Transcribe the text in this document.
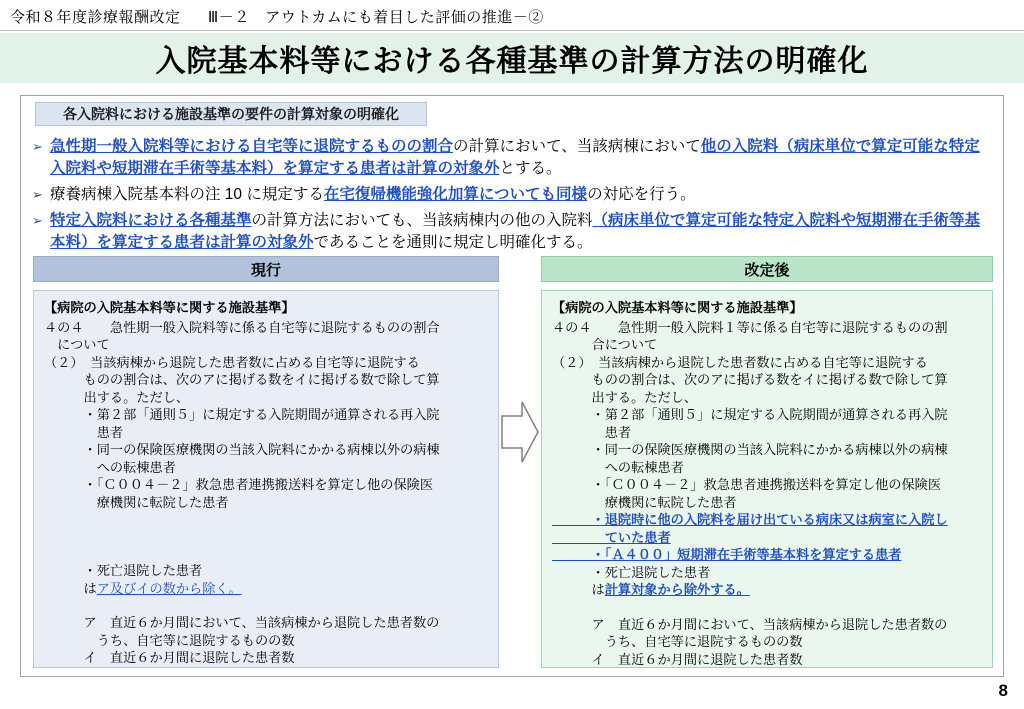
令和８年度診療報酬改定 Ⅲ－２　アウトカムにも着目した評価の推進－②
入院基本料等における各種基準の計算方法の明確化
各入院料における施設基準の要件の計算対象の明確化
➢ 急性期一般入院料等における自宅等に退院するものの割合の計算において、当該病棟において他の入院料（病床単位で算定可能な特定入院料や短期滞在手術等基本料）を算定する患者は計算の対象外とする。
➢ 療養病棟入院基本料の注 10 に規定する在宅復帰機能強化加算についても同様の対応を行う。
➢ 特定入院料における各種基準の計算方法においても、当該病棟内の他の入院料（病床単位で算定可能な特定入院料や短期滞在手術等基本料）を算定する患者は計算の対象外であることを通則に規定し明確化する。
現行	改定後
【病院の入院基本料等に関する施設基準】

４の４　　急性期一般入院料等に係る自宅等に退院するものの割合

　について

（２）　当該病棟から退院した患者数に占める自宅等に退院する

　　　ものの割合は、次のアに掲げる数をイに掲げる数で除して算

　　　出する。ただし、

　　　・第２部「通則５」に規定する入院期間が通算される再入院

　　　　患者

　　　・同一の保険医療機関の当該入院料にかかる病棟以外の病棟

　　　　への転棟患者

　　　・「Ｃ００４－２」救急患者連携搬送料を算定し他の保険医

　　　　療機関に転院した患者

　　　・死亡退院した患者

　　　はア及びイの数から除く。

　　　ア　直近６か月間において、当該病棟から退院した患者数の

　　　　うち、自宅等に退院するものの数

　　　イ　直近６か月間に退院した患者数

【病院の入院基本料等に関する施設基準】

４の４　　急性期一般入院料１等に係る自宅等に退院するものの割

　　　合について

（２）　当該病棟から退院した患者数に占める自宅等に退院する

　　　ものの割合は、次のアに掲げる数をイに掲げる数で除して算

　　　出する。ただし、

　　　・第２部「通則５」に規定する入院期間が通算される再入院

　　　　患者

　　　・同一の保険医療機関の当該入院料にかかる病棟以外の病棟

　　　　への転棟患者

　　　・「Ｃ００４－２」救急患者連携搬送料を算定し他の保険医

　　　　療機関に転院した患者

　　　・退院時に他の入院料を届け出ている病床又は病室に入院し

　　　　ていた患者

　　　・「Ａ４００」短期滞在手術等基本料を算定する患者

　　　・死亡退院した患者

　　　は計算対象から除外する。

　　　ア　直近６か月間において、当該病棟から退院した患者数の

　　　　うち、自宅等に退院するものの数

　　　イ　直近６か月間に退院した患者数

8
